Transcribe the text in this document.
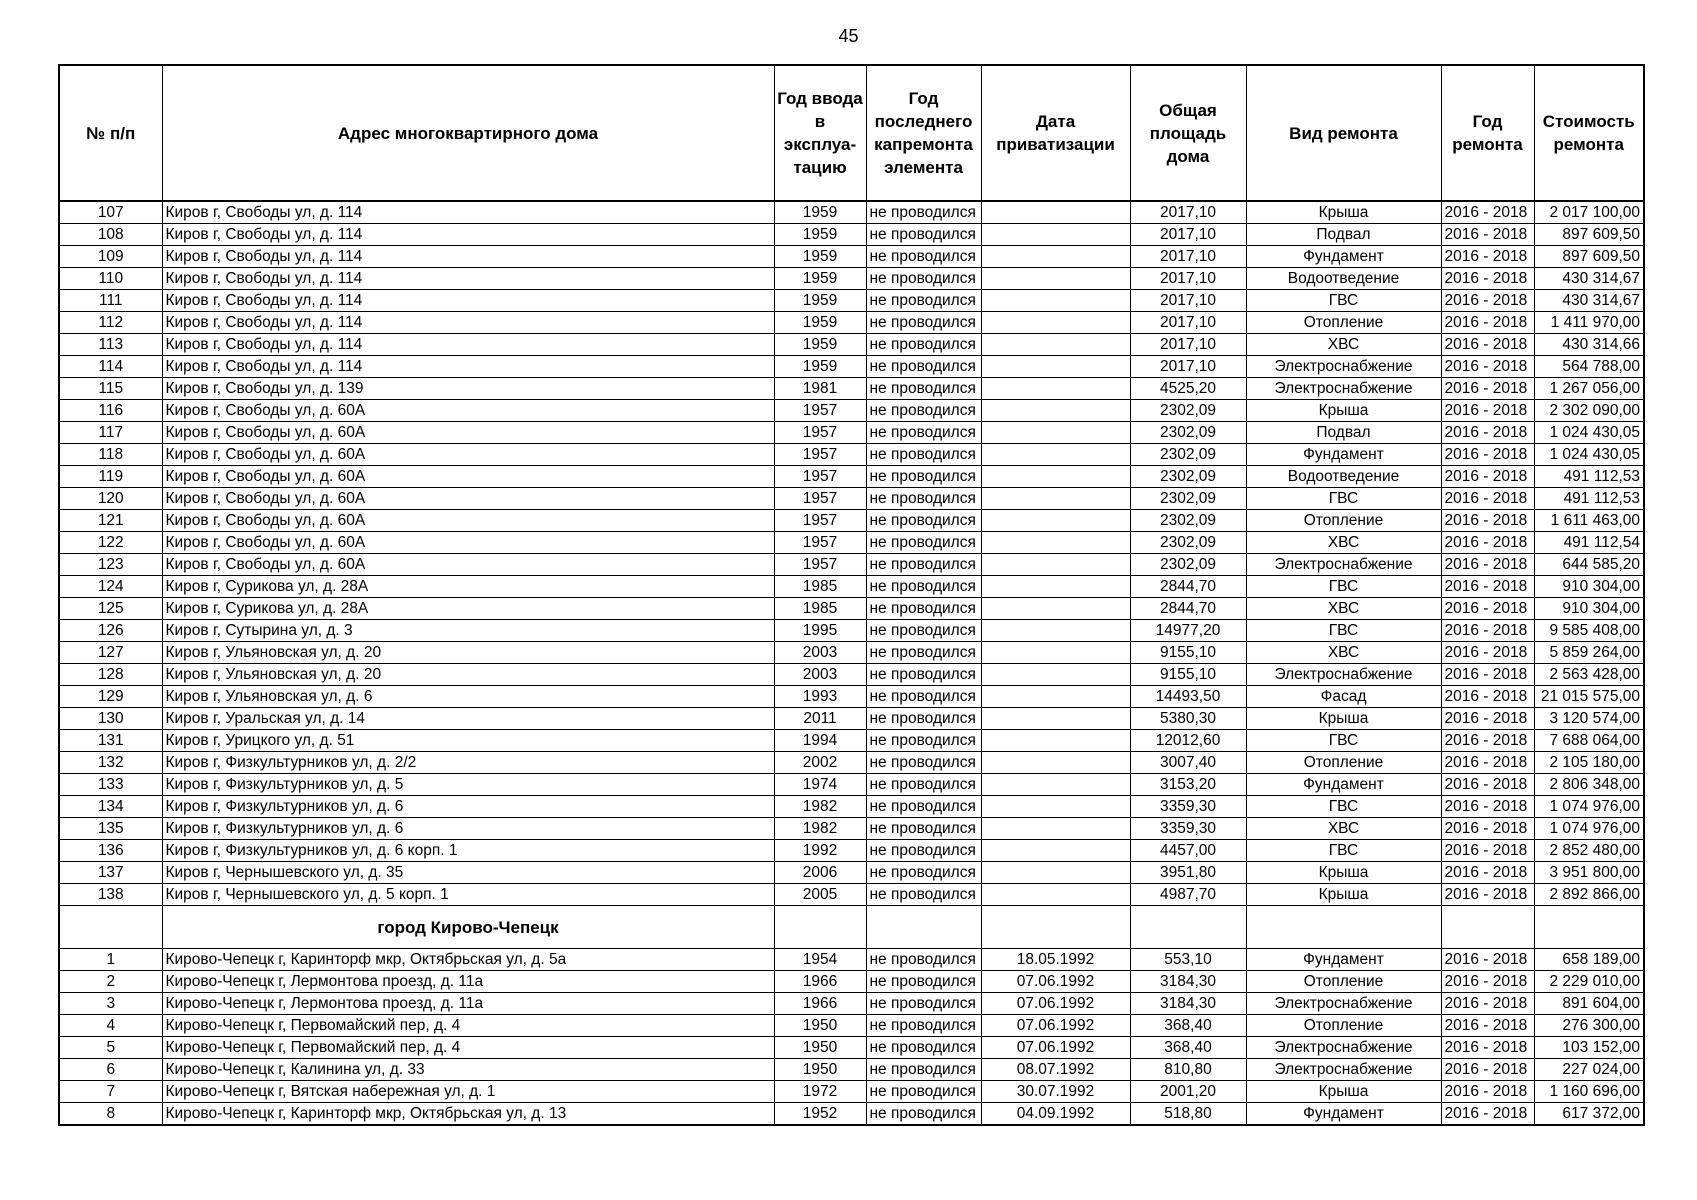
45
№ п/п	Адрес многоквартирного дома	Год ввода в эксплуа-тацию	Год последнего капремонта элемента	Дата приватизации	Общая площадь дома	Вид ремонта	Год ремонта	Стоимость ремонта
107	Киров г, Свободы ул, д. 114	1959	не проводился		2017,10	Крыша	2016 - 2018	2 017 100,00
108	Киров г, Свободы ул, д. 114	1959	не проводился		2017,10	Подвал	2016 - 2018	897 609,50
109	Киров г, Свободы ул, д. 114	1959	не проводился		2017,10	Фундамент	2016 - 2018	897 609,50
110	Киров г, Свободы ул, д. 114	1959	не проводился		2017,10	Водоотведение	2016 - 2018	430 314,67
111	Киров г, Свободы ул, д. 114	1959	не проводился		2017,10	ГВС	2016 - 2018	430 314,67
112	Киров г, Свободы ул, д. 114	1959	не проводился		2017,10	Отопление	2016 - 2018	1 411 970,00
113	Киров г, Свободы ул, д. 114	1959	не проводился		2017,10	ХВС	2016 - 2018	430 314,66
114	Киров г, Свободы ул, д. 114	1959	не проводился		2017,10	Электроснабжение	2016 - 2018	564 788,00
115	Киров г, Свободы ул, д. 139	1981	не проводился		4525,20	Электроснабжение	2016 - 2018	1 267 056,00
116	Киров г, Свободы ул, д. 60А	1957	не проводился		2302,09	Крыша	2016 - 2018	2 302 090,00
117	Киров г, Свободы ул, д. 60А	1957	не проводился		2302,09	Подвал	2016 - 2018	1 024 430,05
118	Киров г, Свободы ул, д. 60А	1957	не проводился		2302,09	Фундамент	2016 - 2018	1 024 430,05
119	Киров г, Свободы ул, д. 60А	1957	не проводился		2302,09	Водоотведение	2016 - 2018	491 112,53
120	Киров г, Свободы ул, д. 60А	1957	не проводился		2302,09	ГВС	2016 - 2018	491 112,53
121	Киров г, Свободы ул, д. 60А	1957	не проводился		2302,09	Отопление	2016 - 2018	1 611 463,00
122	Киров г, Свободы ул, д. 60А	1957	не проводился		2302,09	ХВС	2016 - 2018	491 112,54
123	Киров г, Свободы ул, д. 60А	1957	не проводился		2302,09	Электроснабжение	2016 - 2018	644 585,20
124	Киров г, Сурикова ул, д. 28А	1985	не проводился		2844,70	ГВС	2016 - 2018	910 304,00
125	Киров г, Сурикова ул, д. 28А	1985	не проводился		2844,70	ХВС	2016 - 2018	910 304,00
126	Киров г, Сутырина ул, д. 3	1995	не проводился		14977,20	ГВС	2016 - 2018	9 585 408,00
127	Киров г, Ульяновская ул, д. 20	2003	не проводился		9155,10	ХВС	2016 - 2018	5 859 264,00
128	Киров г, Ульяновская ул, д. 20	2003	не проводился		9155,10	Электроснабжение	2016 - 2018	2 563 428,00
129	Киров г, Ульяновская ул, д. 6	1993	не проводился		14493,50	Фасад	2016 - 2018	21 015 575,00
130	Киров г, Уральская ул, д. 14	2011	не проводился		5380,30	Крыша	2016 - 2018	3 120 574,00
131	Киров г, Урицкого ул, д. 51	1994	не проводился		12012,60	ГВС	2016 - 2018	7 688 064,00
132	Киров г, Физкультурников ул, д. 2/2	2002	не проводился		3007,40	Отопление	2016 - 2018	2 105 180,00
133	Киров г, Физкультурников ул, д. 5	1974	не проводился		3153,20	Фундамент	2016 - 2018	2 806 348,00
134	Киров г, Физкультурников ул, д. 6	1982	не проводился		3359,30	ГВС	2016 - 2018	1 074 976,00
135	Киров г, Физкультурников ул, д. 6	1982	не проводился		3359,30	ХВС	2016 - 2018	1 074 976,00
136	Киров г, Физкультурников ул, д. 6 корп. 1	1992	не проводился		4457,00	ГВС	2016 - 2018	2 852 480,00
137	Киров г, Чернышевского ул, д. 35	2006	не проводился		3951,80	Крыша	2016 - 2018	3 951 800,00
138	Киров г, Чернышевского ул, д. 5 корп. 1	2005	не проводился		4987,70	Крыша	2016 - 2018	2 892 866,00
	город Кирово-Чепецк							
1	Кирово-Чепецк г, Каринторф мкр, Октябрьская ул, д. 5а	1954	не проводился	18.05.1992	553,10	Фундамент	2016 - 2018	658 189,00
2	Кирово-Чепецк г, Лермонтова проезд, д. 11а	1966	не проводился	07.06.1992	3184,30	Отопление	2016 - 2018	2 229 010,00
3	Кирово-Чепецк г, Лермонтова проезд, д. 11а	1966	не проводился	07.06.1992	3184,30	Электроснабжение	2016 - 2018	891 604,00
4	Кирово-Чепецк г, Первомайский пер, д. 4	1950	не проводился	07.06.1992	368,40	Отопление	2016 - 2018	276 300,00
5	Кирово-Чепецк г, Первомайский пер, д. 4	1950	не проводился	07.06.1992	368,40	Электроснабжение	2016 - 2018	103 152,00
6	Кирово-Чепецк г, Калинина ул, д. 33	1950	не проводился	08.07.1992	810,80	Электроснабжение	2016 - 2018	227 024,00
7	Кирово-Чепецк г, Вятская набережная ул, д. 1	1972	не проводился	30.07.1992	2001,20	Крыша	2016 - 2018	1 160 696,00
8	Кирово-Чепецк г, Каринторф мкр, Октябрьская ул, д. 13	1952	не проводился	04.09.1992	518,80	Фундамент	2016 - 2018	617 372,00
